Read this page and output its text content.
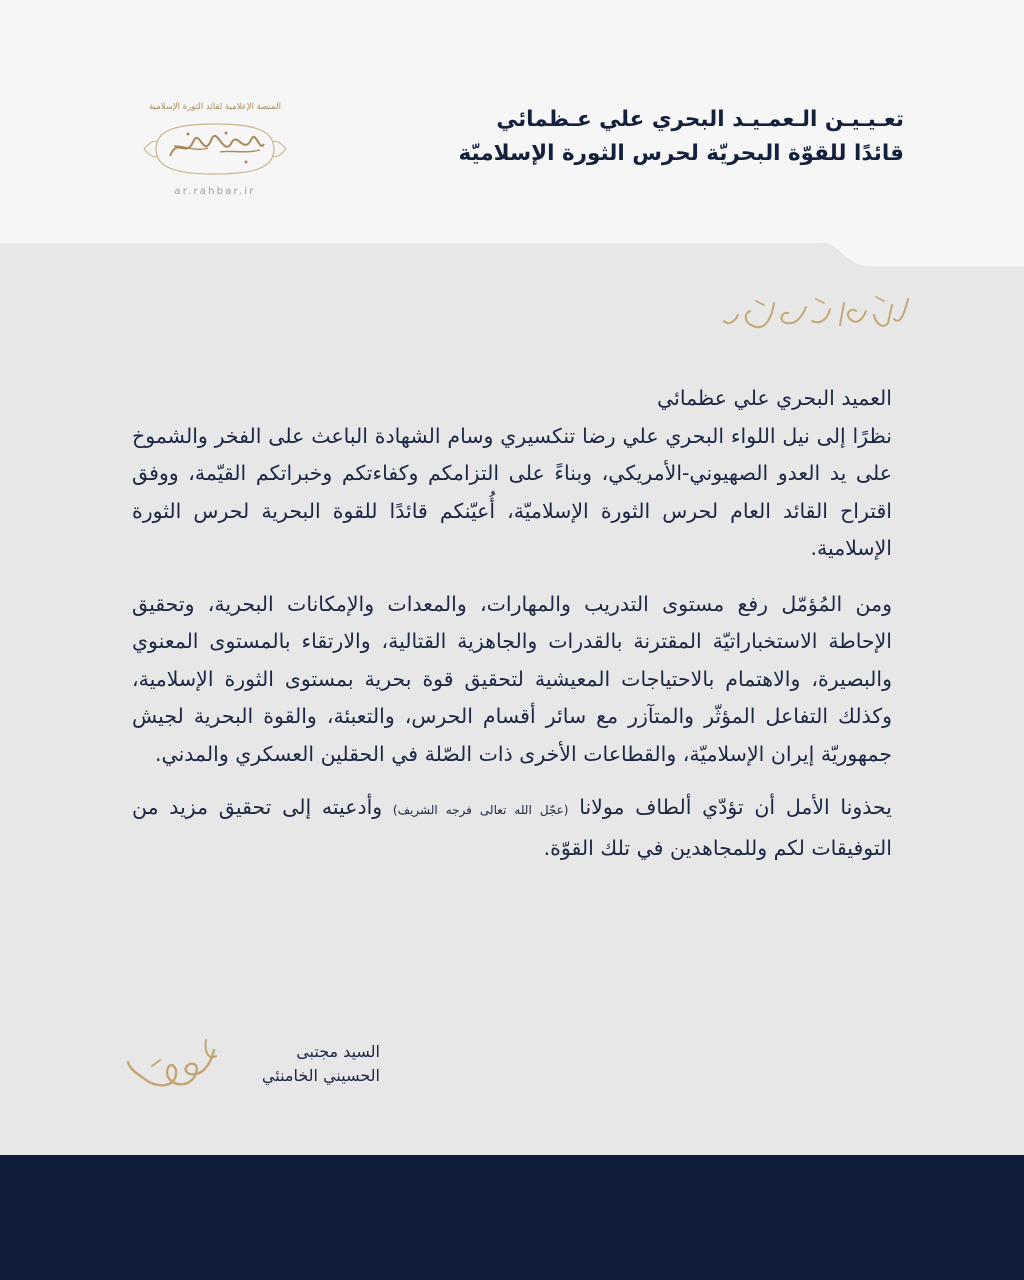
تعـيـيـن الـعمـيـد البحري علي عـظمائي
قائدًا للقوّة البحريّة لحرس الثورة الإسلاميّة
المنصة الإعلامية لقائد الثورة الإسلامية
ar.rahbar.ir

العميد البحري علي عظمائي

نظرًا إلى نيل اللواء البحري علي رضا تنكسيري وسام الشهادة الباعث على الفخر والشموخ على يد العدو الصهيوني-الأمريكي، وبناءً على التزامكم وكفاءتكم وخبراتكم القيّمة، ووفق اقتراح القائد العام لحرس الثورة الإسلاميّة، أُعيّنكم قائدًا للقوة البحرية لحرس الثورة الإسلامية.

ومن المُؤمّل رفع مستوى التدريب والمهارات، والمعدات والإمكانات البحرية، وتحقيق الإحاطة الاستخباراتيّة المقترنة بالقدرات والجاهزية القتالية، والارتقاء بالمستوى المعنوي والبصيرة، والاهتمام بالاحتياجات المعيشية لتحقيق قوة بحرية بمستوى الثورة الإسلامية، وكذلك التفاعل المؤثّر والمتآزر مع سائر أقسام الحرس، والتعبئة، والقوة البحرية لجيش جمهوريّة إيران الإسلاميّة، والقطاعات الأخرى ذات الصّلة في الحقلين العسكري والمدني.

يحذونا الأمل أن تؤدّي ألطاف مولانا (عجّل الله تعالى فرجه الشريف) وأدعيته إلى تحقيق مزيد من التوفيقات لكم وللمجاهدين في تلك القوّة.

السيد مجتبى
الحسيني الخامنئي
